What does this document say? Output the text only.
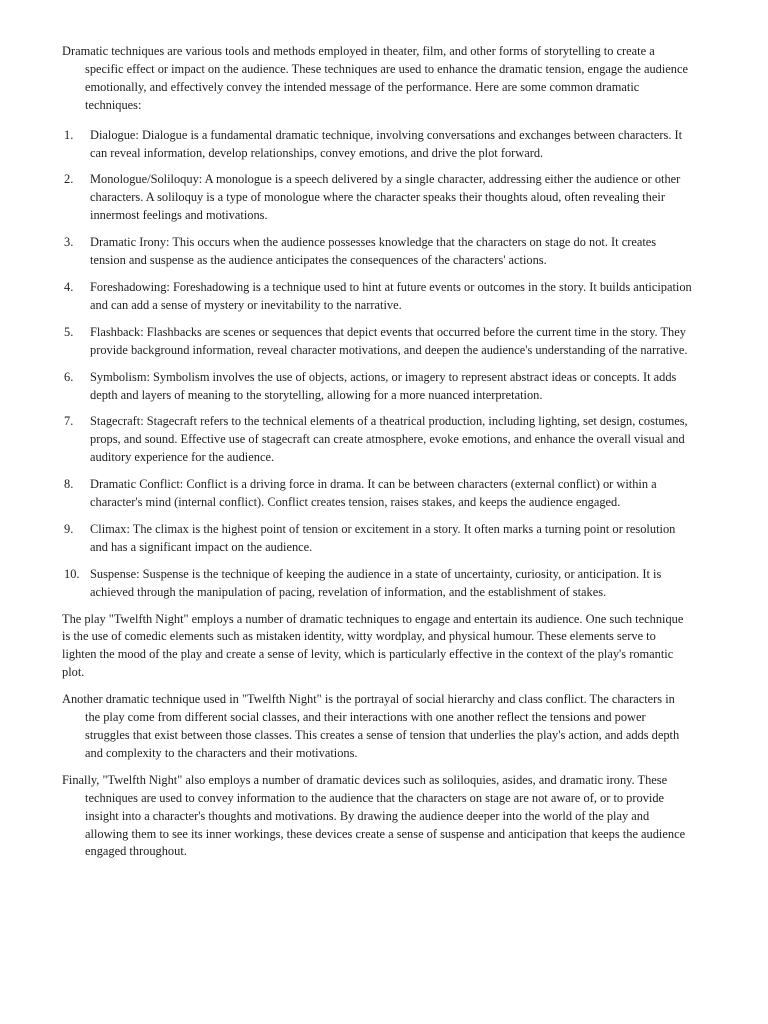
Dramatic techniques are various tools and methods employed in theater, film, and other forms of storytelling to create a specific effect or impact on the audience. These techniques are used to enhance the dramatic tension, engage the audience emotionally, and effectively convey the intended message of the performance. Here are some common dramatic techniques:

1.	Dialogue: Dialogue is a fundamental dramatic technique, involving conversations and exchanges between characters. It can reveal information, develop relationships, convey emotions, and drive the plot forward.
2.	Monologue/Soliloquy: A monologue is a speech delivered by a single character, addressing either the audience or other characters. A soliloquy is a type of monologue where the character speaks their thoughts aloud, often revealing their innermost feelings and motivations.
3.	Dramatic Irony: This occurs when the audience possesses knowledge that the characters on stage do not. It creates tension and suspense as the audience anticipates the consequences of the characters' actions.
4.	Foreshadowing: Foreshadowing is a technique used to hint at future events or outcomes in the story. It builds anticipation and can add a sense of mystery or inevitability to the narrative.
5.	Flashback: Flashbacks are scenes or sequences that depict events that occurred before the current time in the story. They provide background information, reveal character motivations, and deepen the audience's understanding of the narrative.
6.	Symbolism: Symbolism involves the use of objects, actions, or imagery to represent abstract ideas or concepts. It adds depth and layers of meaning to the storytelling, allowing for a more nuanced interpretation.
7.	Stagecraft: Stagecraft refers to the technical elements of a theatrical production, including lighting, set design, costumes, props, and sound. Effective use of stagecraft can create atmosphere, evoke emotions, and enhance the overall visual and auditory experience for the audience.
8.	Dramatic Conflict: Conflict is a driving force in drama. It can be between characters (external conflict) or within a character's mind (internal conflict). Conflict creates tension, raises stakes, and keeps the audience engaged.
9.	Climax: The climax is the highest point of tension or excitement in a story. It often marks a turning point or resolution and has a significant impact on the audience.
10. Suspense: Suspense is the technique of keeping the audience in a state of uncertainty, curiosity, or anticipation. It is achieved through the manipulation of pacing, revelation of information, and the establishment of stakes.

The play "Twelfth Night" employs a number of dramatic techniques to engage and entertain its audience. One such technique is the use of comedic elements such as mistaken identity, witty wordplay, and physical humour. These elements serve to lighten the mood of the play and create a sense of levity, which is particularly effective in the context of the play's romantic plot.

Another dramatic technique used in "Twelfth Night" is the portrayal of social hierarchy and class conflict. The characters in the play come from different social classes, and their interactions with one another reflect the tensions and power struggles that exist between those classes. This creates a sense of tension that underlies the play's action, and adds depth and complexity to the characters and their motivations.

Finally, "Twelfth Night" also employs a number of dramatic devices such as soliloquies, asides, and dramatic irony. These techniques are used to convey information to the audience that the characters on stage are not aware of, or to provide insight into a character's thoughts and motivations. By drawing the audience deeper into the world of the play and allowing them to see its inner workings, these devices create a sense of suspense and anticipation that keeps the audience engaged throughout.
